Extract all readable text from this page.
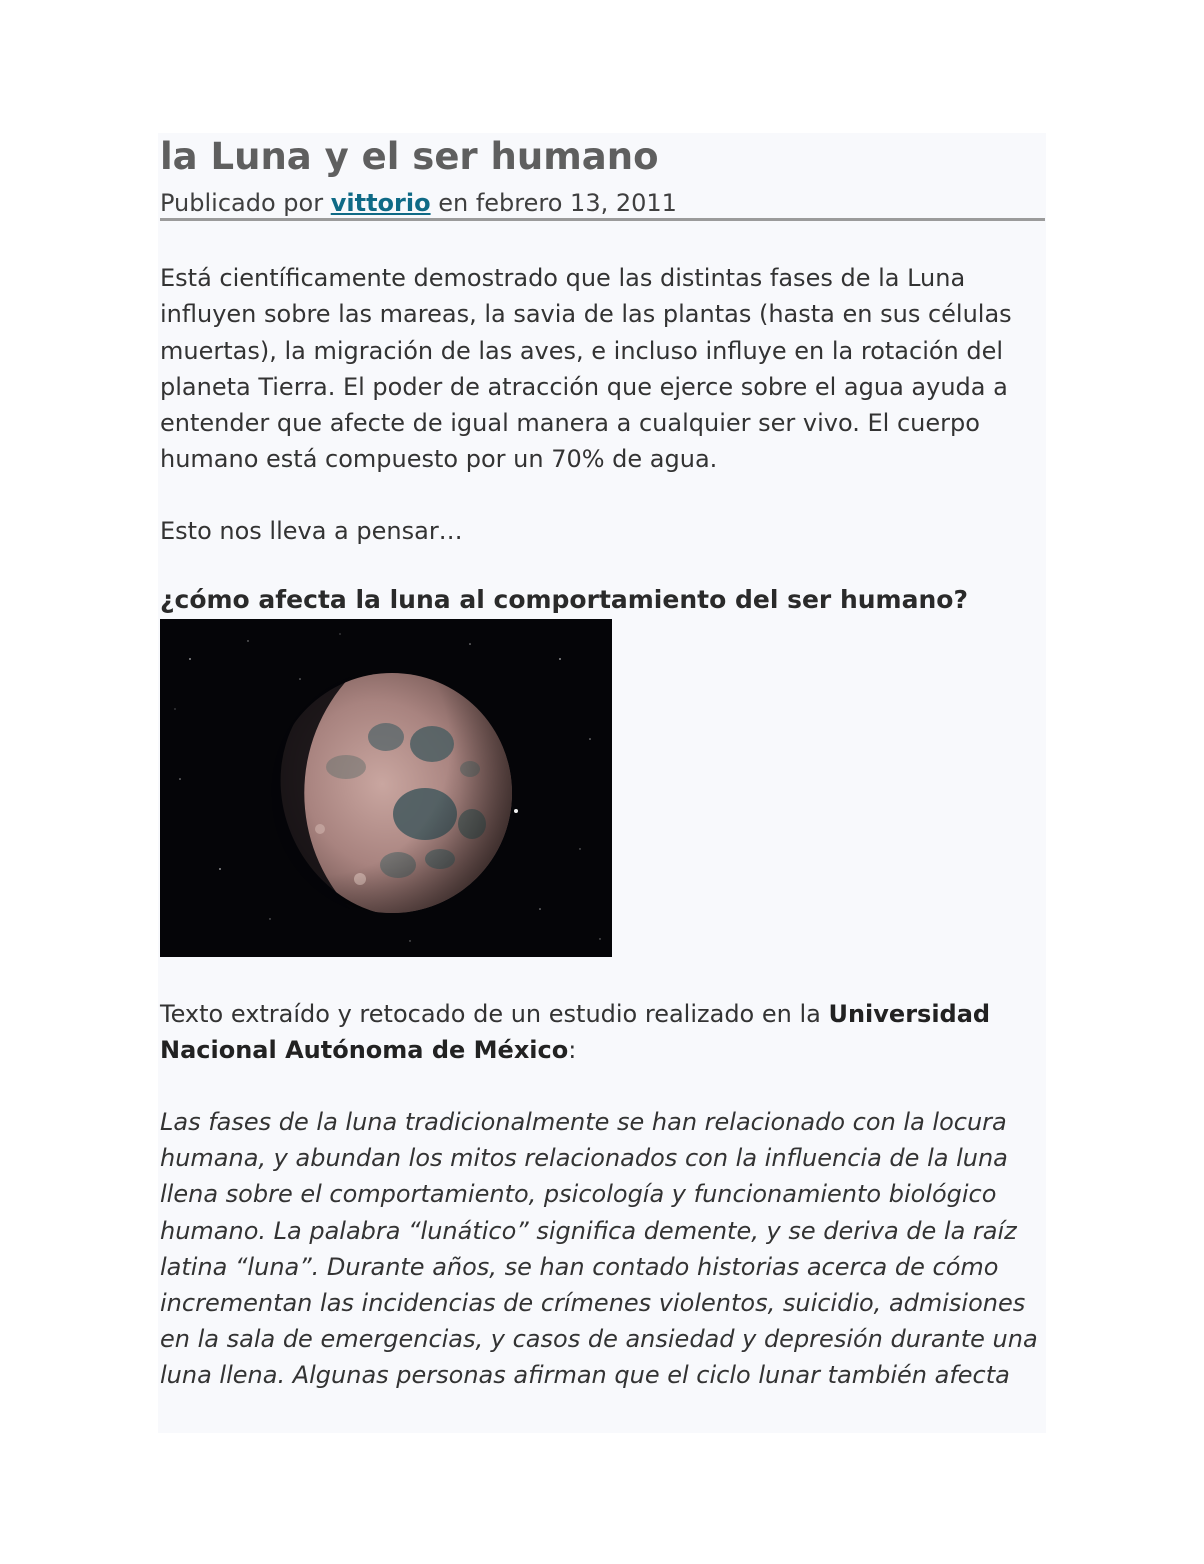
la Luna y el ser humano
Publicado por vittorio en febrero 13, 2011

Está científicamente demostrado que las distintas fases de la Luna influyen sobre las mareas, la savia de las plantas (hasta en sus células muertas), la migración de las aves, e incluso influye en la rotación del planeta Tierra. El poder de atracción que ejerce sobre el agua ayuda a entender que afecte de igual manera a cualquier ser vivo. El cuerpo humano está compuesto por un 70% de agua.

Esto nos lleva a pensar…

¿cómo afecta la luna al comportamiento del ser humano?

Texto extraído y retocado de un estudio realizado en la Universidad Nacional Autónoma de México:

Las fases de la luna tradicionalmente se han relacionado con la locura humana, y abundan los mitos relacionados con la influencia de la luna llena sobre el comportamiento, psicología y funcionamiento biológico humano. La palabra “lunático” significa demente, y se deriva de la raíz latina “luna”. Durante años, se han contado historias acerca de cómo incrementan las incidencias de crímenes violentos, suicidio, admisiones en la sala de emergencias, y casos de ansiedad y depresión durante una luna llena. Algunas personas afirman que el ciclo lunar también afecta
